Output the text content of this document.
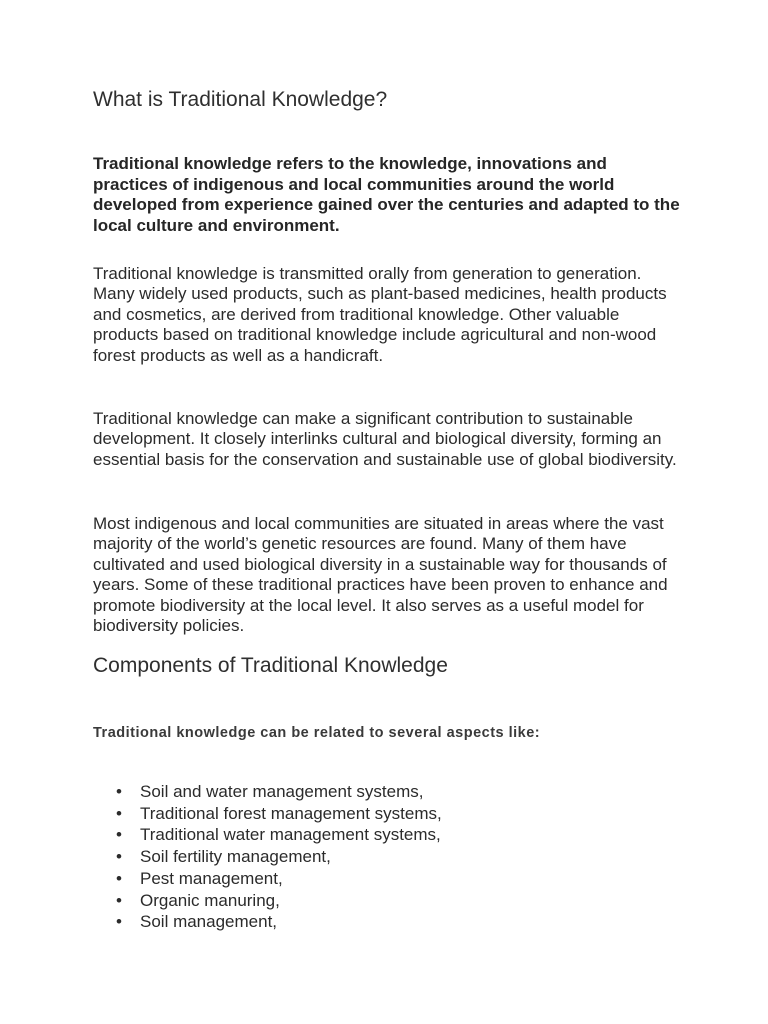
What is Traditional Knowledge?

Traditional knowledge refers to the knowledge, innovations and practices of indigenous and local communities around the world developed from experience gained over the centuries and adapted to the local culture and environment.

Traditional knowledge is transmitted orally from generation to generation. Many widely used products, such as plant-based medicines, health products and cosmetics, are derived from traditional knowledge. Other valuable products based on traditional knowledge include agricultural and non-wood forest products as well as a handicraft.

Traditional knowledge can make a significant contribution to sustainable development. It closely interlinks cultural and biological diversity, forming an essential basis for the conservation and sustainable use of global biodiversity.

Most indigenous and local communities are situated in areas where the vast majority of the world’s genetic resources are found. Many of them have cultivated and used biological diversity in a sustainable way for thousands of years. Some of these traditional practices have been proven to enhance and promote biodiversity at the local level. It also serves as a useful model for biodiversity policies.

Components of Traditional Knowledge

Traditional knowledge can be related to several aspects like:

• Soil and water management systems,
• Traditional forest management systems,
• Traditional water management systems,
• Soil fertility management,
• Pest management,
• Organic manuring,
• Soil management,
